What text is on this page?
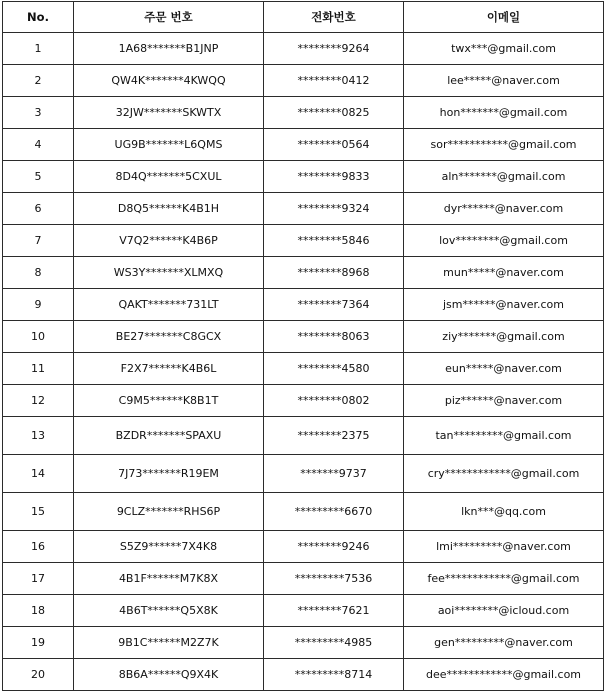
No.	주문 번호	전화번호	이메일
1	1A68*******B1JNP	********9264	twx***@gmail.com
2	QW4K*******4KWQQ	********0412	lee*****@naver.com
3	32JW*******SKWTX	********0825	hon*******@gmail.com
4	UG9B*******L6QMS	********0564	sor***********@gmail.com
5	8D4Q*******5CXUL	********9833	aln*******@gmail.com
6	D8Q5******K4B1H	********9324	dyr******@naver.com
7	V7Q2******K4B6P	********5846	lov********@gmail.com
8	WS3Y*******XLMXQ	********8968	mun*****@naver.com
9	QAKT*******731LT	********7364	jsm******@naver.com
10	BE27*******C8GCX	********8063	ziy*******@gmail.com
11	F2X7******K4B6L	********4580	eun*****@naver.com
12	C9M5******K8B1T	********0802	piz******@naver.com
13	BZDR*******SPAXU	********2375	tan*********@gmail.com
14	7J73*******R19EM	*******9737	cry************@gmail.com
15	9CLZ*******RHS6P	*********6670	lkn***@qq.com
16	S5Z9******7X4K8	********9246	lmi*********@naver.com
17	4B1F******M7K8X	*********7536	fee************@gmail.com
18	4B6T******Q5X8K	********7621	aoi********@icloud.com
19	9B1C******M2Z7K	*********4985	gen*********@naver.com
20	8B6A******Q9X4K	*********8714	dee************@gmail.com
